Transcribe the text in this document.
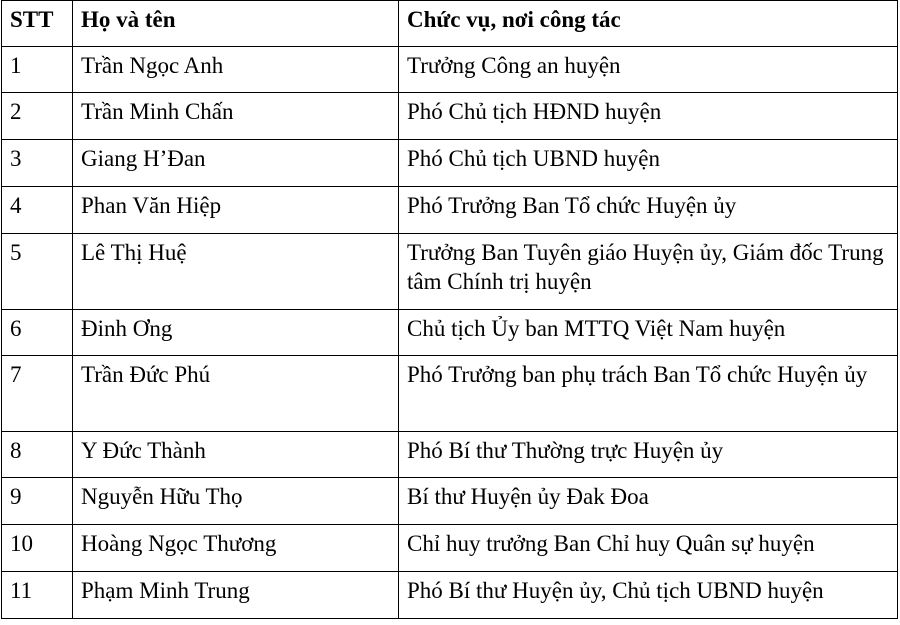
STT	Họ và tên	Chức vụ, nơi công tác
1	Trần Ngọc Anh	Trưởng Công an huyện
2	Trần Minh Chấn	Phó Chủ tịch HĐND huyện
3	Giang H’Đan	Phó Chủ tịch UBND huyện
4	Phan Văn Hiệp	Phó Trưởng Ban Tổ chức Huyện ủy
5	Lê Thị Huệ	Trưởng Ban Tuyên giáo Huyện ủy, Giám đốc Trung tâm Chính trị huyện
6	Đinh Ơng	Chủ tịch Ủy ban MTTQ Việt Nam huyện
7	Trần Đức Phú	Phó Trưởng ban phụ trách Ban Tổ chức Huyện ủy
8	Y Đức Thành	Phó Bí thư Thường trực Huyện ủy
9	Nguyễn Hữu Thọ	Bí thư Huyện ủy Đak Đoa
10	Hoàng Ngọc Thương	Chỉ huy trưởng Ban Chỉ huy Quân sự huyện
11	Phạm Minh Trung	Phó Bí thư Huyện ủy, Chủ tịch UBND huyện
